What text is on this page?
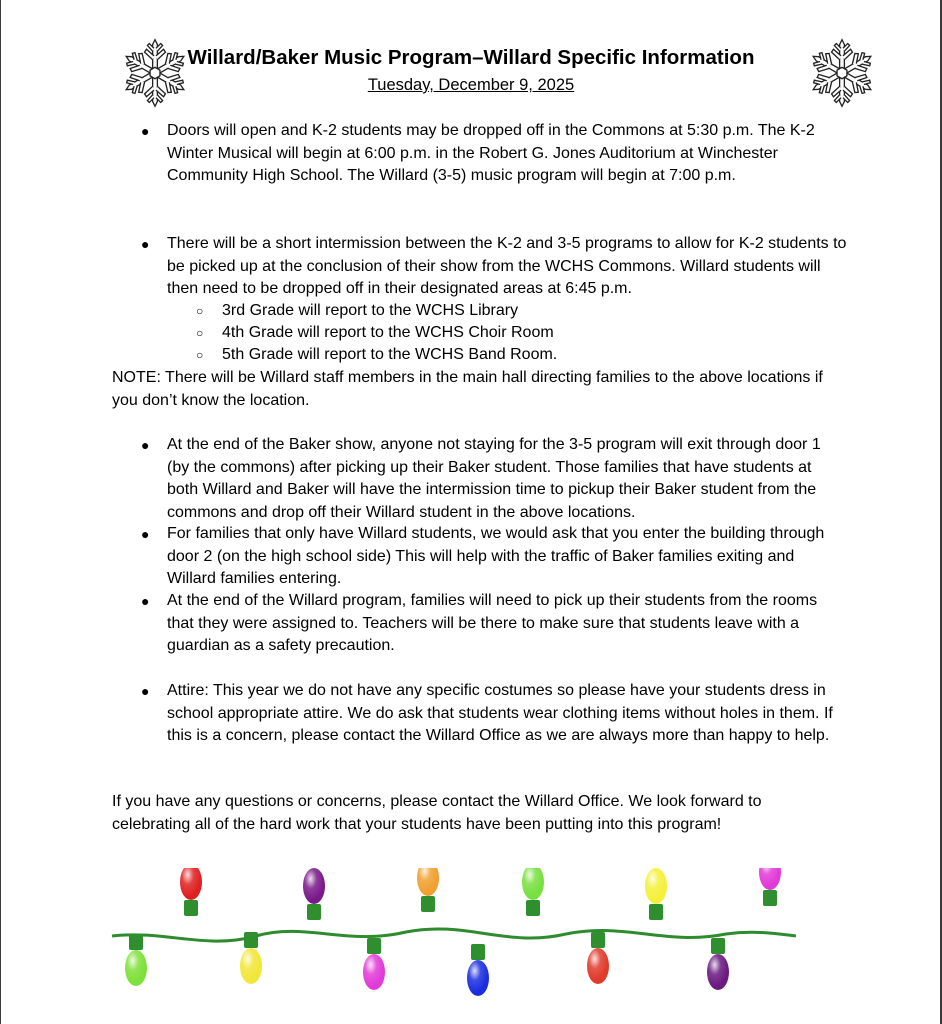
Willard/Baker Music Program–Willard Specific Information
Tuesday, December 9, 2025
●	Doors will open and K-2 students may be dropped off in the Commons at 5:30 p.m. The K-2 Winter Musical will begin at 6:00 p.m. in the Robert G. Jones Auditorium at Winchester Community High School. The Willard (3-5) music program will begin at 7:00 p.m.
●	There will be a short intermission between the K-2 and 3-5 programs to allow for K-2 students to be picked up at the conclusion of their show from the WCHS Commons. Willard students will then need to be dropped off in their designated areas at 6:45 p.m.
○ 3rd Grade will report to the WCHS Library
○ 4th Grade will report to the WCHS Choir Room
○ 5th Grade will report to the WCHS Band Room.
NOTE: There will be Willard staff members in the main hall directing families to the above locations if you don’t know the location.
●	At the end of the Baker show, anyone not staying for the 3-5 program will exit through door 1 (by the commons) after picking up their Baker student. Those families that have students at both Willard and Baker will have the intermission time to pickup their Baker student from the commons and drop off their Willard student in the above locations.
●	For families that only have Willard students, we would ask that you enter the building through door 2 (on the high school side) This will help with the traffic of Baker families exiting and Willard families entering.
●	At the end of the Willard program, families will need to pick up their students from the rooms that they were assigned to. Teachers will be there to make sure that students leave with a guardian as a safety precaution.
●	Attire: This year we do not have any specific costumes so please have your students dress in school appropriate attire. We do ask that students wear clothing items without holes in them. If this is a concern, please contact the Willard Office as we are always more than happy to help.
If you have any questions or concerns, please contact the Willard Office. We look forward to celebrating all of the hard work that your students have been putting into this program!
